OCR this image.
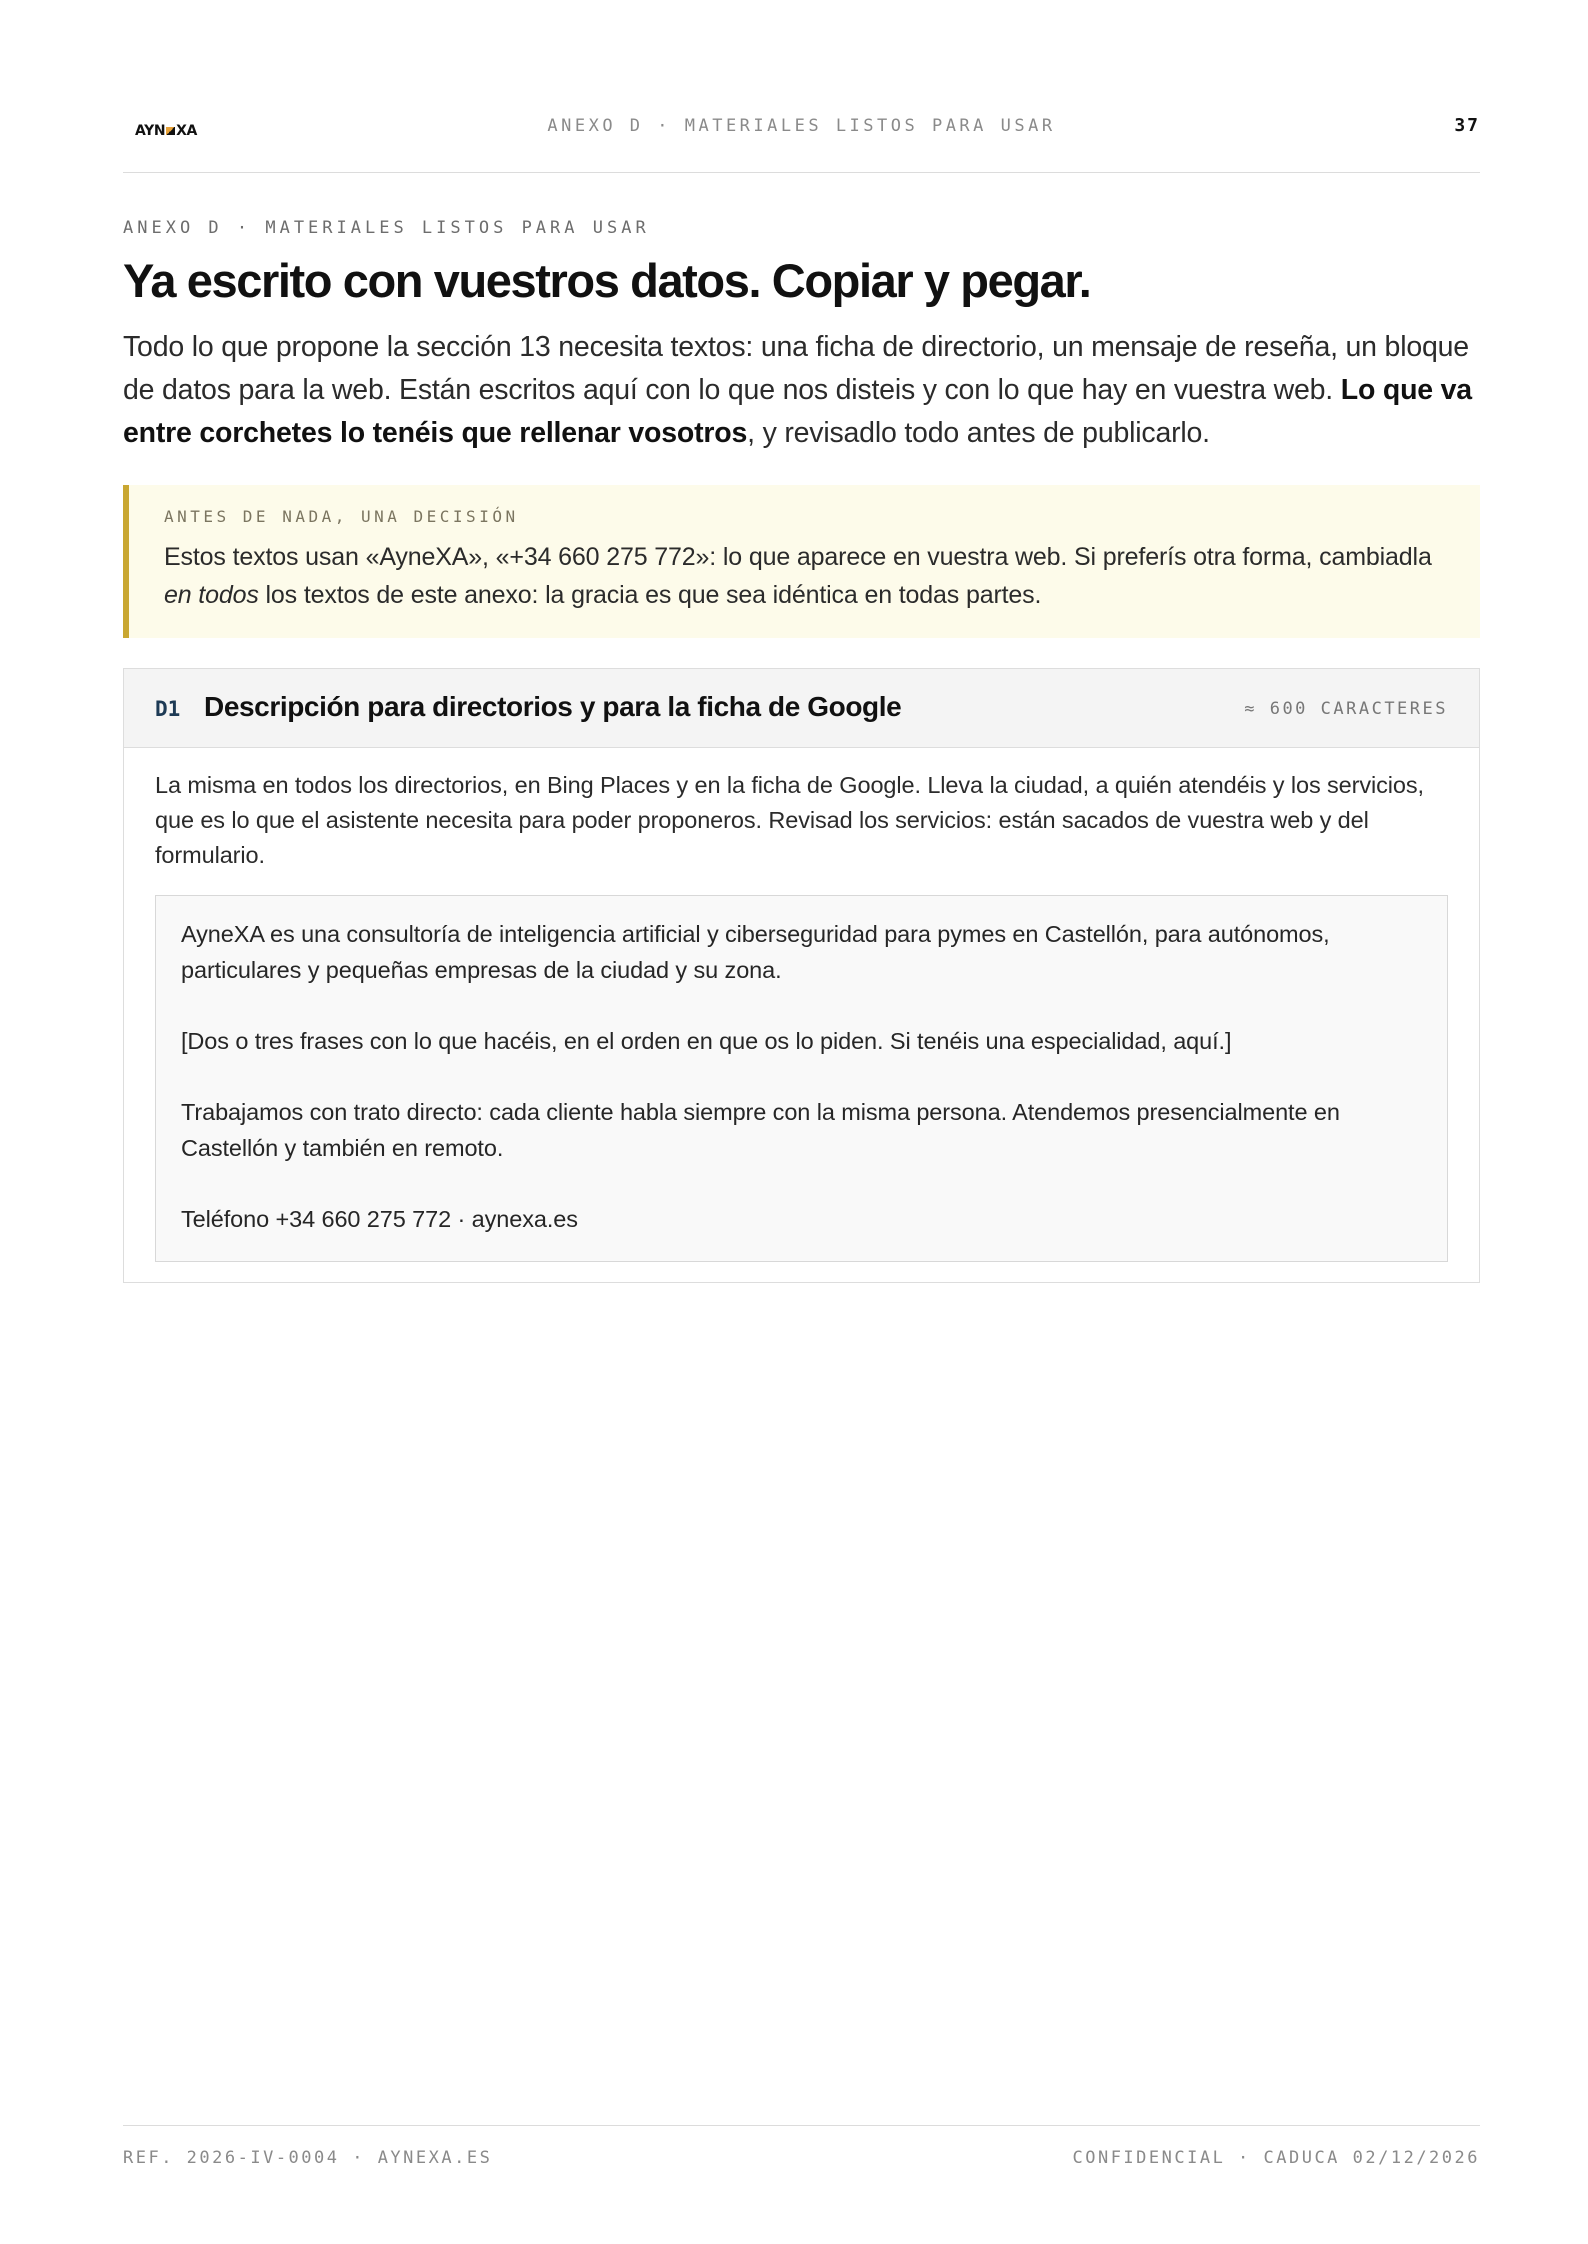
AYN XA	ANEXO D · MATERIALES LISTOS PARA USAR	37
ANEXO D · MATERIALES LISTOS PARA USAR
Ya escrito con vuestros datos. Copiar y pegar.

Todo lo que propone la sección 13 necesita textos: una ficha de directorio, un mensaje de reseña, un bloque de datos para la web. Están escritos aquí con lo que nos disteis y con lo que hay en vuestra web. Lo que va entre corchetes lo tenéis que rellenar vosotros, y revisadlo todo antes de publicarlo.

ANTES DE NADA, UNA DECISIÓN
Estos textos usan «AyneXA», «+34 660 275 772»: lo que aparece en vuestra web. Si preferís otra forma, cambiadla en todos los textos de este anexo: la gracia es que sea idéntica en todas partes.
D1 Descripción para directorios y para la ficha de Google	≈ 600 CARACTERES

La misma en todos los directorios, en Bing Places y en la ficha de Google. Lleva la ciudad, a quién atendéis y los servicios, que es lo que el asistente necesita para poder proponeros. Revisad los servicios: están sacados de vuestra web y del formulario.

AyneXA es una consultoría de inteligencia artificial y ciberseguridad para pymes en Castellón, para autónomos, particulares y pequeñas empresas de la ciudad y su zona.

[Dos o tres frases con lo que hacéis, en el orden en que os lo piden. Si tenéis una especialidad, aquí.]

Trabajamos con trato directo: cada cliente habla siempre con la misma persona. Atendemos presencialmente en Castellón y también en remoto.

Teléfono +34 660 275 772 · aynexa.es

REF. 2026-IV-0004 · AYNEXA.ES	CONFIDENCIAL · CADUCA 02/12/2026
